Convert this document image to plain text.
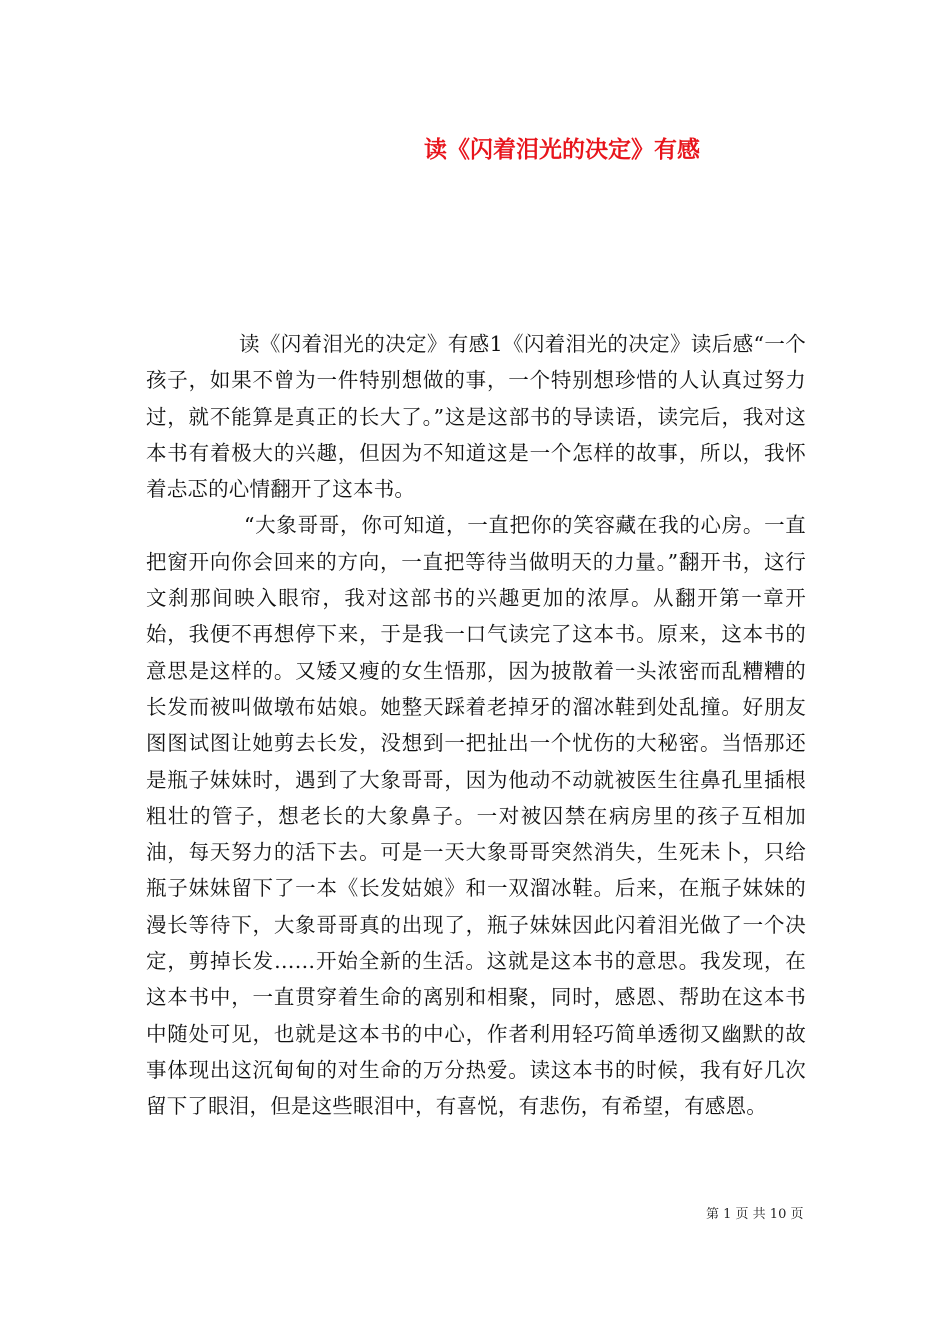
读《闪着泪光的决定》有感

读《闪着泪光的决定》有感1《闪着泪光的决定》读后感“一个孩子，如果不曾为一件特别想做的事，一个特别想珍惜的人认真过努力过，就不能算是真正的长大了。”这是这部书的导读语，读完后，我对这本书有着极大的兴趣，但因为不知道这是一个怎样的故事，所以，我怀着忐忑的心情翻开了这本书。

“大象哥哥，你可知道，一直把你的笑容藏在我的心房。一直把窗开向你会回来的方向，一直把等待当做明天的力量。”翻开书，这行文刹那间映入眼帘，我对这部书的兴趣更加的浓厚。从翻开第一章开始，我便不再想停下来，于是我一口气读完了这本书。原来，这本书的意思是这样的。又矮又瘦的女生悟那，因为披散着一头浓密而乱糟糟的长发而被叫做墩布姑娘。她整天踩着老掉牙的溜冰鞋到处乱撞。好朋友图图试图让她剪去长发，没想到一把扯出一个忧伤的大秘密。当悟那还是瓶子妹妹时，遇到了大象哥哥，因为他动不动就被医生往鼻孔里插根粗壮的管子，想老长的大象鼻子。一对被囚禁在病房里的孩子互相加油，每天努力的活下去。可是一天大象哥哥突然消失，生死未卜，只给瓶子妹妹留下了一本《长发姑娘》和一双溜冰鞋。后来，在瓶子妹妹的漫长等待下，大象哥哥真的出现了，瓶子妹妹因此闪着泪光做了一个决定，剪掉长发……开始全新的生活。这就是这本书的意思。我发现，在这本书中，一直贯穿着生命的离别和相聚，同时，感恩、帮助在这本书中随处可见，也就是这本书的中心，作者利用轻巧简单透彻又幽默的故事体现出这沉甸甸的对生命的万分热爱。读这本书的时候，我有好几次留下了眼泪，但是这些眼泪中，有喜悦，有悲伤，有希望，有感恩。

第 1 页 共 10 页
